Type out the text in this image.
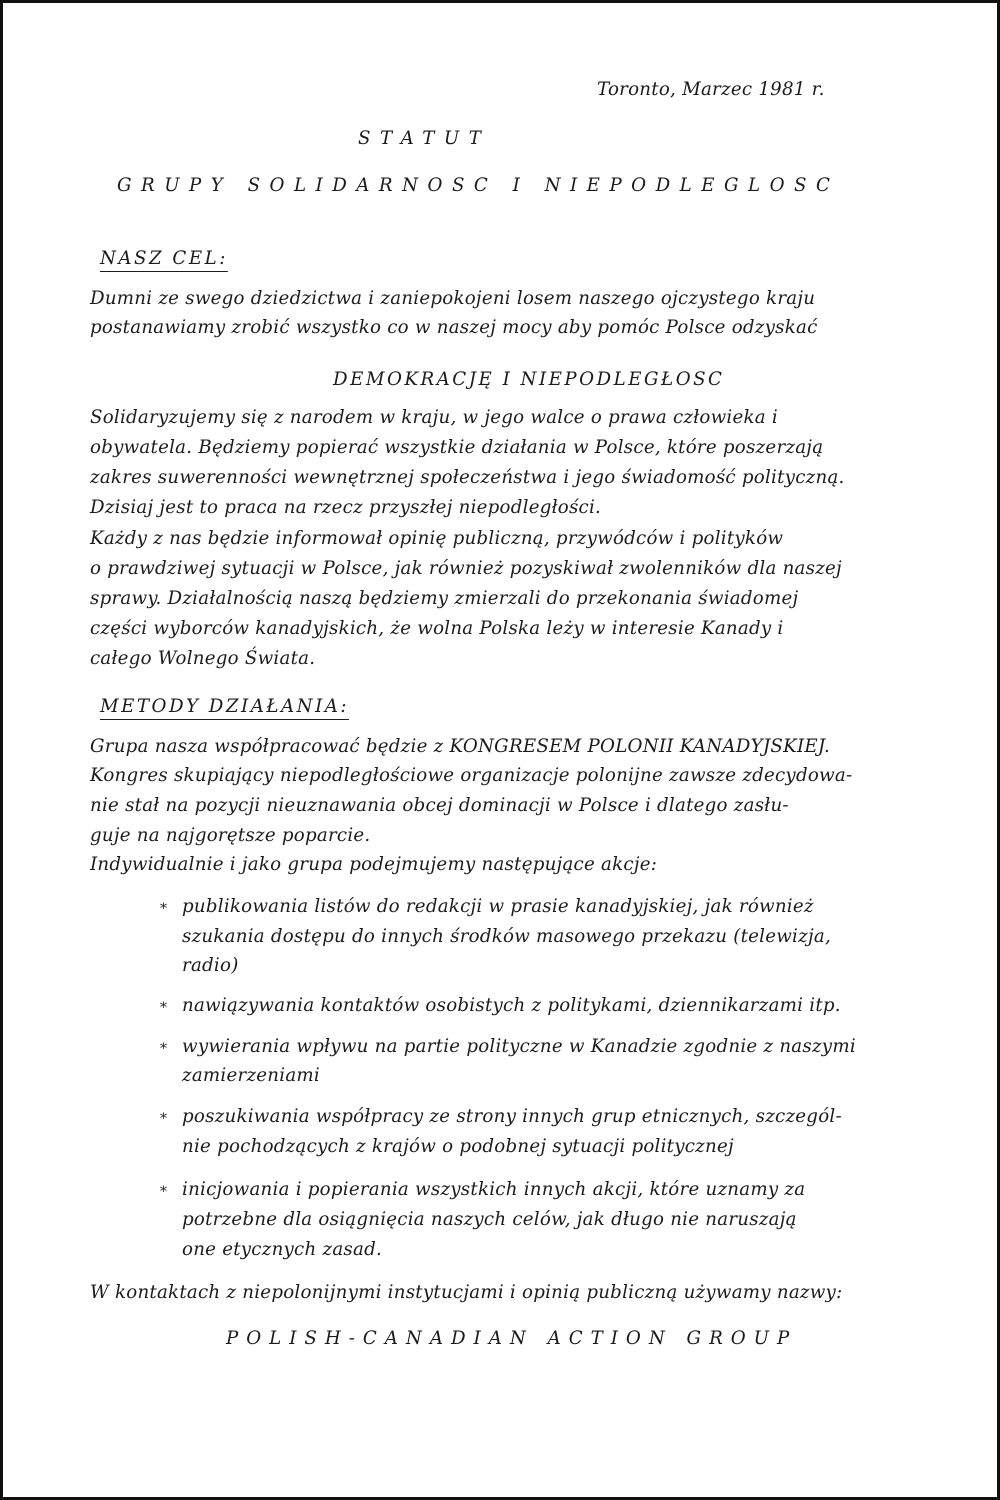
Toronto, Marzec 1981 r.

STATUT

GRUPY SOLIDARNOSC I NIEPODLEGLOSC

NASZ CEL:

Dumni ze swego dziedzictwa i zaniepokojeni losem naszego ojczystego kraju

postanawiamy zrobić wszystko co w naszej mocy aby pomóc Polsce odzyskać

DEMOKRACJĘ I NIEPODLEGŁOSC

Solidaryzujemy się z narodem w kraju, w jego walce o prawa człowieka i

obywatela. Będziemy popierać wszystkie działania w Polsce, które poszerzają

zakres suwerenności wewnętrznej społeczeństwa i jego świadomość polityczną.

Dzisiaj jest to praca na rzecz przyszłej niepodległości.

Każdy z nas będzie informował opinię publiczną, przywódców i polityków

o prawdziwej sytuacji w Polsce, jak również pozyskiwał zwolenników dla naszej

sprawy. Działalnością naszą będziemy zmierzali do przekonania świadomej

części wyborców kanadyjskich, że wolna Polska leży w interesie Kanady i

całego Wolnego Świata.

METODY DZIAŁANIA:

Grupa nasza współpracować będzie z KONGRESEM POLONII KANADYJSKIEJ.

Kongres skupiający niepodległościowe organizacje polonijne zawsze zdecydowa-

nie stał na pozycji nieuznawania obcej dominacji w Polsce i dlatego zasłu-

guje na najgorętsze poparcie.

Indywidualnie i jako grupa podejmujemy następujące akcje:

* publikowania listów do redakcji w prasie kanadyjskiej, jak również

szukania dostępu do innych środków masowego przekazu (telewizja,

radio)

* nawiązywania kontaktów osobistych z politykami, dziennikarzami itp.

* wywierania wpływu na partie polityczne w Kanadzie zgodnie z naszymi

zamierzeniami

* poszukiwania współpracy ze strony innych grup etnicznych, szczegól-

nie pochodzących z krajów o podobnej sytuacji politycznej

* inicjowania i popierania wszystkich innych akcji, które uznamy za

potrzebne dla osiągnięcia naszych celów, jak długo nie naruszają

one etycznych zasad.

W kontaktach z niepolonijnymi instytucjami i opinią publiczną używamy nazwy:

POLISH-CANADIAN ACTION GROUP
